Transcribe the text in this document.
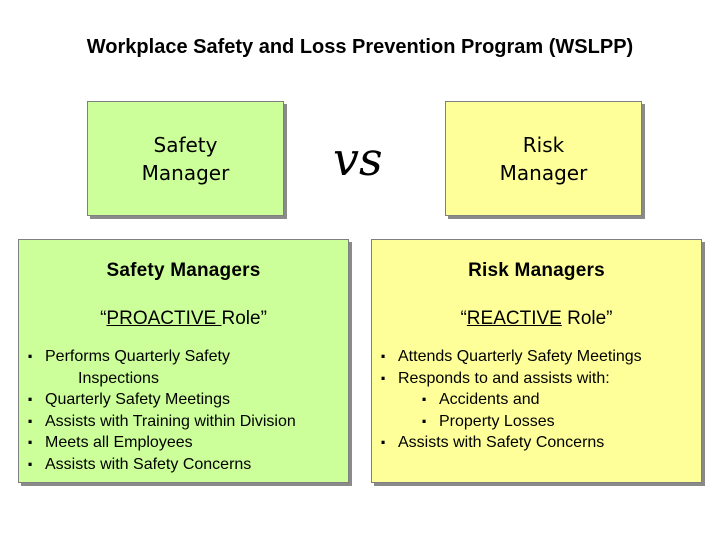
Workplace Safety and Loss Prevention Program (WSLPP)
Safety
Manager vs	Risk
Manager
Safety Managers
“PROACTIVE Role”
· Performs Quarterly Safety
Inspections
· Quarterly Safety Meetings
· Assists with Training within Division
· Meets all Employees
· Assists with Safety Concerns
Risk Managers
“REACTIVE Role”
· Attends Quarterly Safety Meetings
· Responds to and assists with:
· Accidents and
· Property Losses
· Assists with Safety Concerns
